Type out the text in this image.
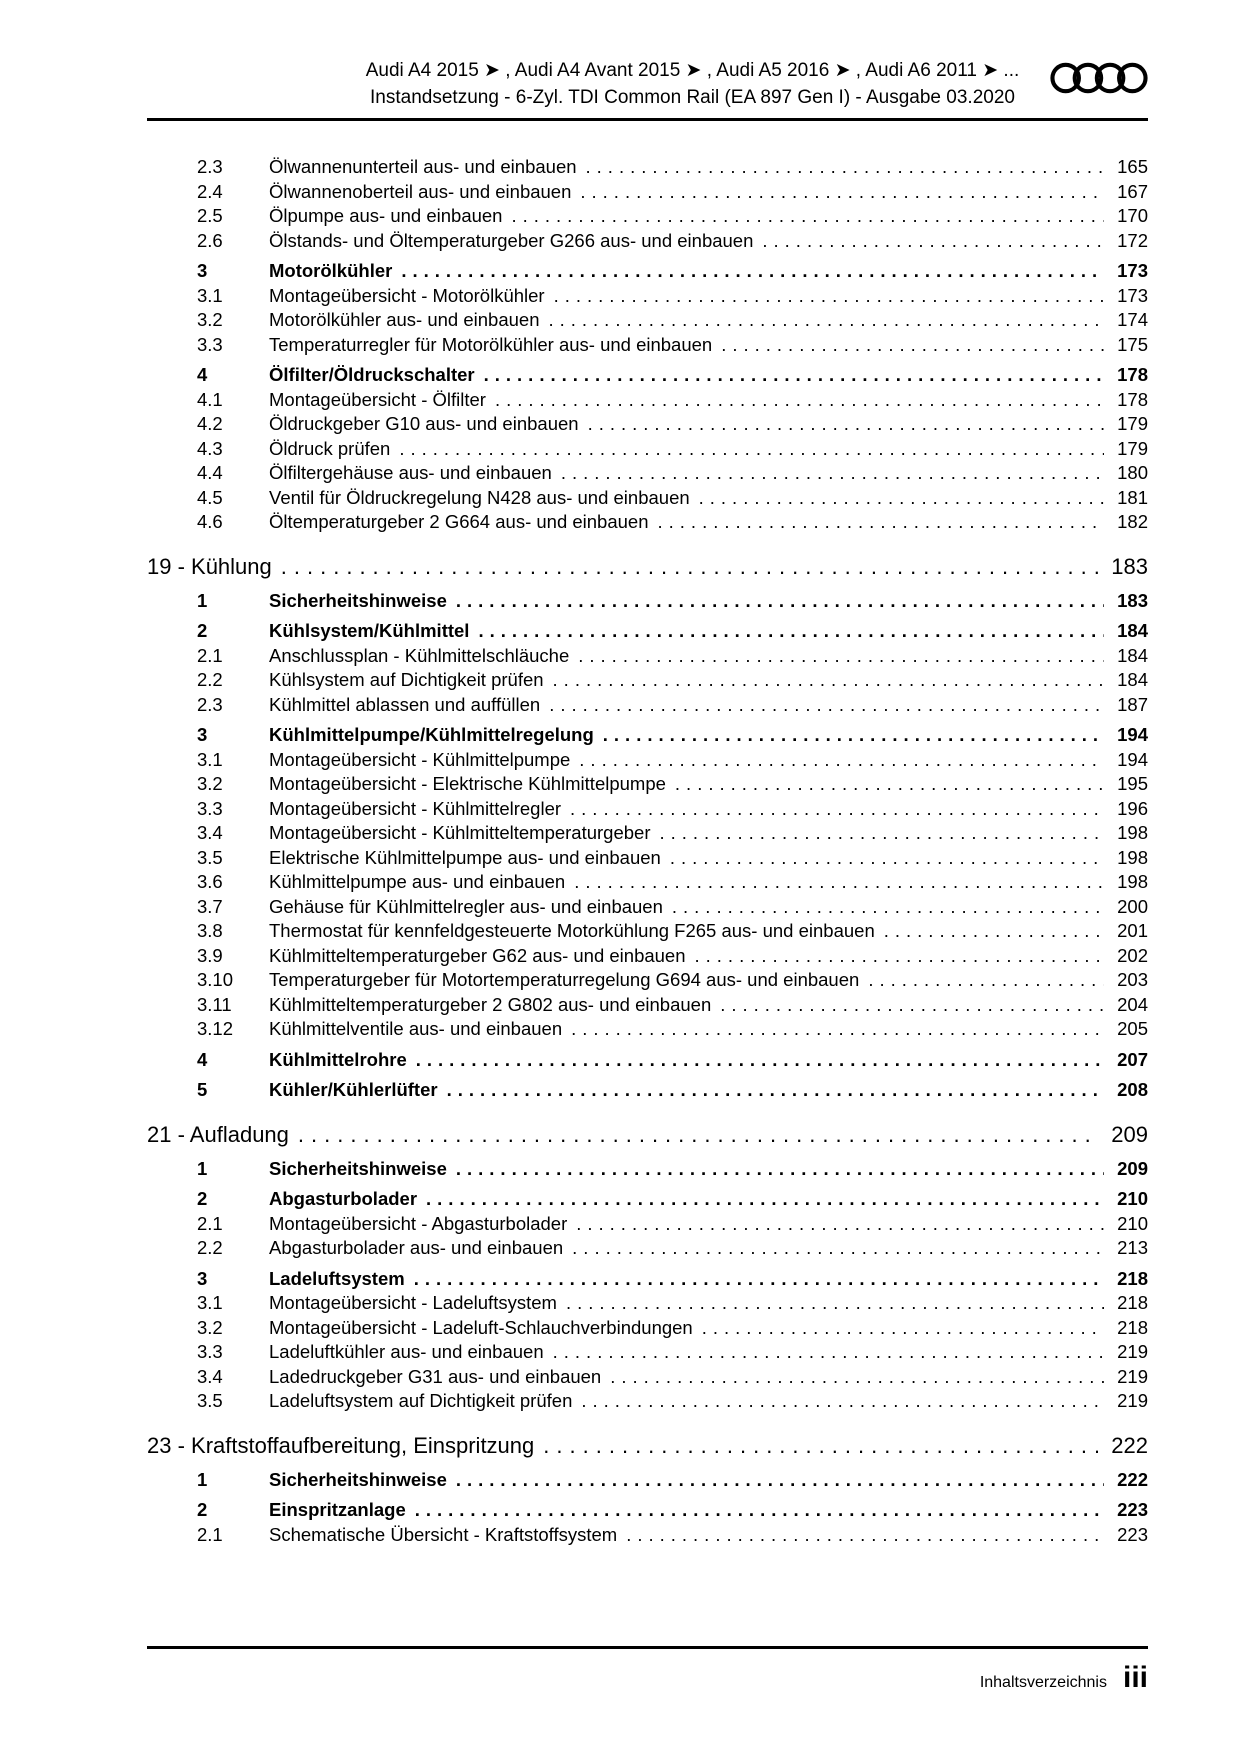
Audi A4 2015 ➤ , Audi A4 Avant 2015 ➤ , Audi A5 2016 ➤ , Audi A6 2011 ➤ ...
Instandsetzung - 6-Zyl. TDI Common Rail (EA 897 Gen I) - Ausgabe 03.2020
2.3	Ölwannenunterteil aus- und einbauen .....	165
2.4	Ölwannenoberteil aus- und einbauen .....	167
2.5	Ölpumpe aus- und einbauen .....	170
2.6	Ölstands- und Öltemperaturgeber G266 aus- und einbauen .....	172
3	Motorölkühler .....	173
3.1	Montageübersicht - Motorölkühler .....	173
3.2	Motorölkühler aus- und einbauen .....	174
3.3	Temperaturregler für Motorölkühler aus- und einbauen .....	175
4	Ölfilter/Öldruckschalter .....	178
4.1	Montageübersicht - Ölfilter .....	178
4.2	Öldruckgeber G10 aus- und einbauen .....	179
4.3	Öldruck prüfen .....	179
4.4	Ölfiltergehäuse aus- und einbauen .....	180
4.5	Ventil für Öldruckregelung N428 aus- und einbauen .....	181
4.6	Öltemperaturgeber 2 G664 aus- und einbauen .....	182
19 - Kühlung .....	183
1	Sicherheitshinweise .....	183
2	Kühlsystem/Kühlmittel .....	184
2.1	Anschlussplan - Kühlmittelschläuche .....	184
2.2	Kühlsystem auf Dichtigkeit prüfen .....	184
2.3	Kühlmittel ablassen und auffüllen .....	187
3	Kühlmittelpumpe/Kühlmittelregelung .....	194
3.1	Montageübersicht - Kühlmittelpumpe .....	194
3.2	Montageübersicht - Elektrische Kühlmittelpumpe .....	195
3.3	Montageübersicht - Kühlmittelregler .....	196
3.4	Montageübersicht - Kühlmitteltemperaturgeber .....	198
3.5	Elektrische Kühlmittelpumpe aus- und einbauen .....	198
3.6	Kühlmittelpumpe aus- und einbauen .....	198
3.7	Gehäuse für Kühlmittelregler aus- und einbauen .....	200
3.8	Thermostat für kennfeldgesteuerte Motorkühlung F265 aus- und einbauen .....	201
3.9	Kühlmitteltemperaturgeber G62 aus- und einbauen .....	202
3.10	Temperaturgeber für Motortemperaturregelung G694 aus- und einbauen .....	203
3.11	Kühlmitteltemperaturgeber 2 G802 aus- und einbauen .....	204
3.12	Kühlmittelventile aus- und einbauen .....	205
4	Kühlmittelrohre .....	207
5	Kühler/Kühlerlüfter .....	208
21 - Aufladung .....	209
1	Sicherheitshinweise .....	209
2	Abgasturbolader .....	210
2.1	Montageübersicht - Abgasturbolader .....	210
2.2	Abgasturbolader aus- und einbauen .....	213
3	Ladeluftsystem .....	218
3.1	Montageübersicht - Ladeluftsystem .....	218
3.2	Montageübersicht - Ladeluft-Schlauchverbindungen .....	218
3.3	Ladeluftkühler aus- und einbauen .....	219
3.4	Ladedruckgeber G31 aus- und einbauen .....	219
3.5	Ladeluftsystem auf Dichtigkeit prüfen .....	219
23 - Kraftstoffaufbereitung, Einspritzung .....	222
1	Sicherheitshinweise .....	222
2	Einspritzanlage .....	223
2.1	Schematische Übersicht - Kraftstoffsystem .....	223
Inhaltsverzeichnis iii
